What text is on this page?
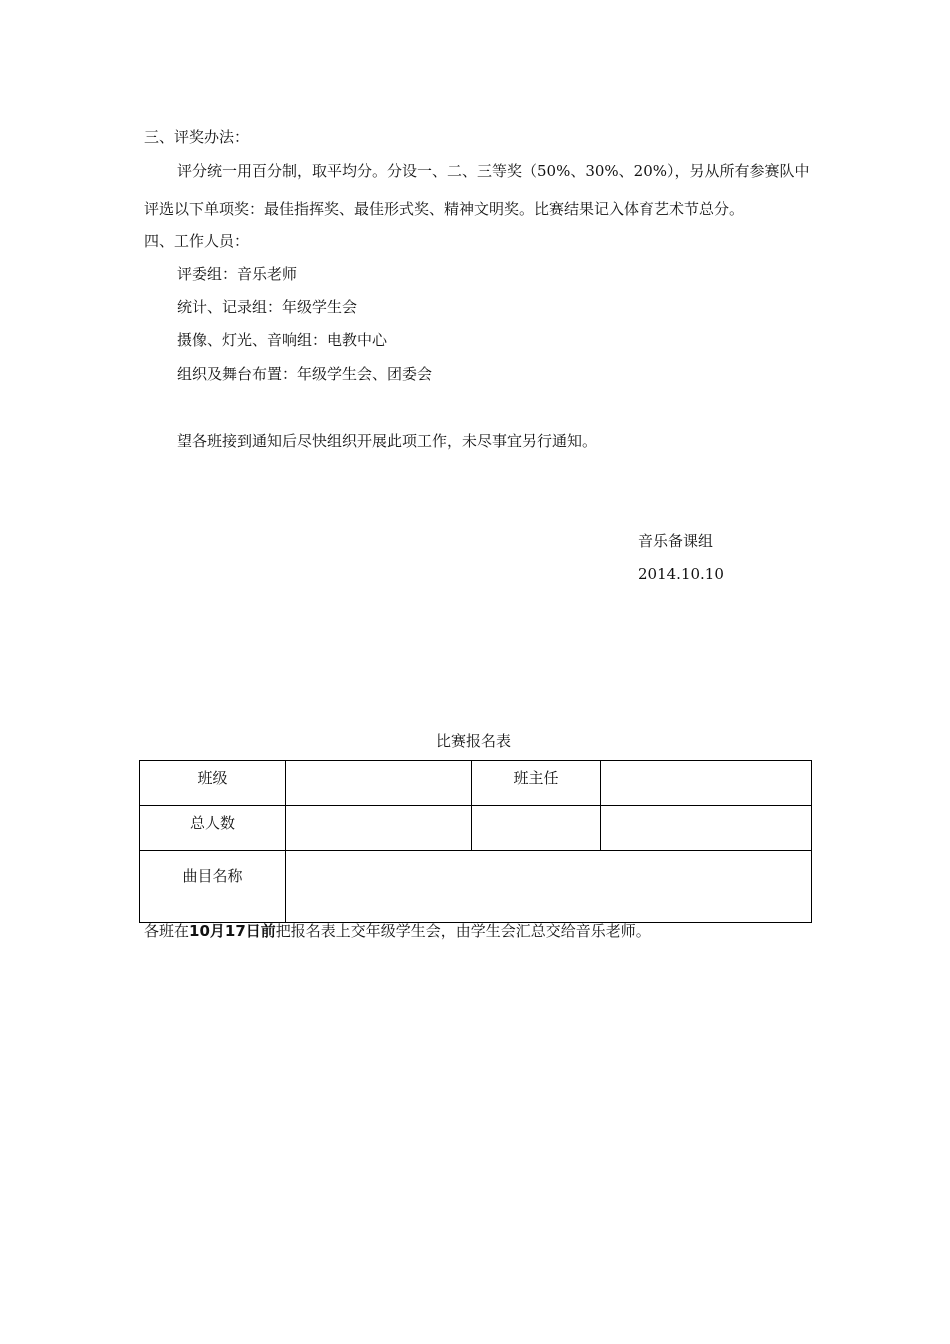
三、评奖办法：
评分统一用百分制，取平均分。分设一、二、三等奖（50%、30%、20%），另从所有参赛队中
评选以下单项奖：最佳指挥奖、最佳形式奖、精神文明奖。比赛结果记入体育艺术节总分。
四、工作人员：
评委组：音乐老师
统计、记录组：年级学生会
摄像、灯光、音响组：电教中心
组织及舞台布置：年级学生会、团委会
望各班接到通知后尽快组织开展此项工作，未尽事宜另行通知。
音乐备课组
2014.10.10
比赛报名表
班级		班主任	
总人数			
曲目名称			
各班在10月17日前把报名表上交年级学生会，由学生会汇总交给音乐老师。
